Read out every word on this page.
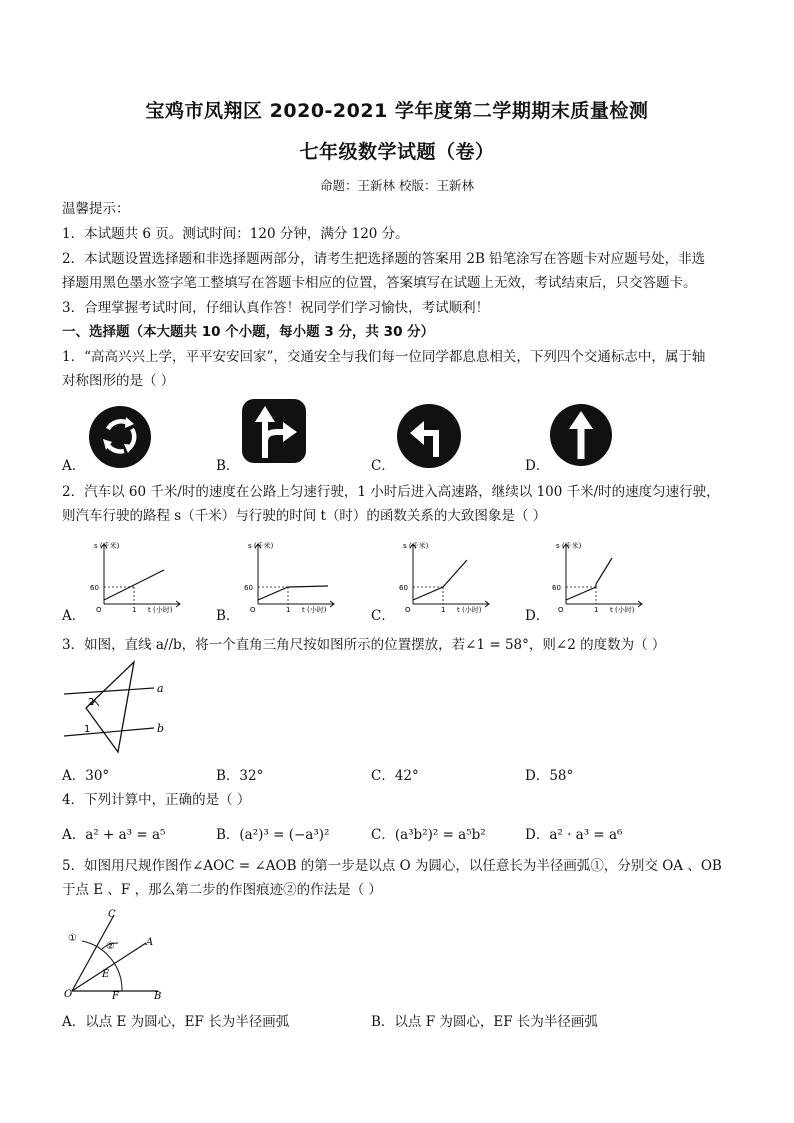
宝鸡市凤翔区 2020-2021 学年度第二学期期末质量检测
七年级数学试题（卷）
命题：王新林 校版：王新林
温馨提示：
1．本试题共 6 页。测试时间：120 分钟，满分 120 分。
2．本试题设置选择题和非选择题两部分，请考生把选择题的答案用 2B 铅笔涂写在答题卡对应题号处，非选
择题用黑色墨水签字笔工整填写在答题卡相应的位置，答案填写在试题上无效，考试结束后，只交答题卡。
3．合理掌握考试时间，仔细认真作答！祝同学们学习愉快，考试顺利！
一、选择题（本大题共 10 个小题，每小题 3 分，共 30 分）
1．“高高兴兴上学，平平安安回家”，交通安全与我们每一位同学都息息相关，下列四个交通标志中，属于轴
对称图形的是（ ）
A．	B．	C．	D．
2．汽车以 60 千米/时的速度在公路上匀速行驶，1 小时后进入高速路，继续以 100 千米/时的速度匀速行驶，
则汽车行驶的路程 s（千米）与行驶的时间 t（时）的函数关系的大致图象是（ ）
s (千米)
t (小时)
60
1
O
s (千米)
t (小时)
60
1
O
s (千米)
t (小时)
60
1
O
s (千米)
t (小时)
60
1
O
A．	B．	C．	D．
3．如图，直线 a//b，将一个直角三角尺按如图所示的位置摆放，若∠1 = 58°，则∠2 的度数为（ ）
a
b
2
1
A．30°	B．32°	C．42°	D．58°
4．下列计算中，正确的是（ ）
A．a² + a³ = a⁵	B．(a²)³ = (−a³)²	C．(a³b²)² = a⁵b²	D．a² · a³ = a⁶
5．如图用尺规作图作∠AOC = ∠AOB 的第一步是以点 O 为圆心，以任意长为半径画弧①，分别交 OA 、OB
于点 E 、F ，那么第二步的作图痕迹②的作法是（ ）
C
A
E
O	F	B
①
②
A．以点 E 为圆心，EF 长为半径画弧	B．以点 F 为圆心，EF 长为半径画弧
